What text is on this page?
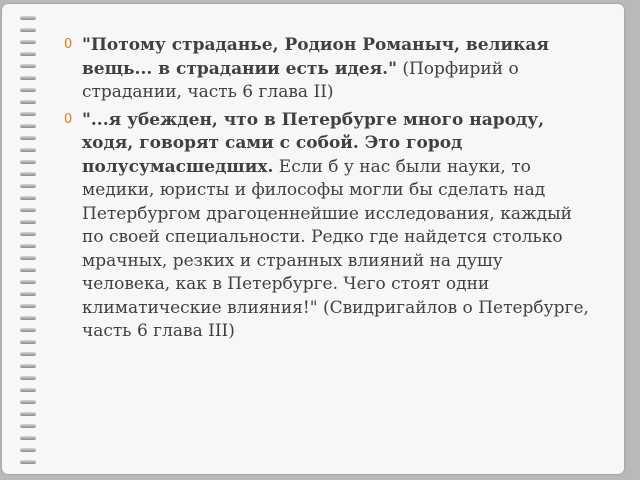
0 "Потому страданье, Родион Романыч, великая вещь... в страдании есть идея." (Порфирий о страдании, часть 6 глава II)

0 "...я убежден, что в Петербурге много народу, ходя, говорят сами с собой. Это город полусумасшедших. Если б у нас были науки, то медики, юристы и философы могли бы сделать над Петербургом драгоценнейшие исследования, каждый по своей специальности. Редко где найдется столько мрачных, резких и странных влияний на душу человека, как в Петербурге. Чего стоят одни климатические влияния!" (Свидригайлов о Петербурге, часть 6 глава III)
